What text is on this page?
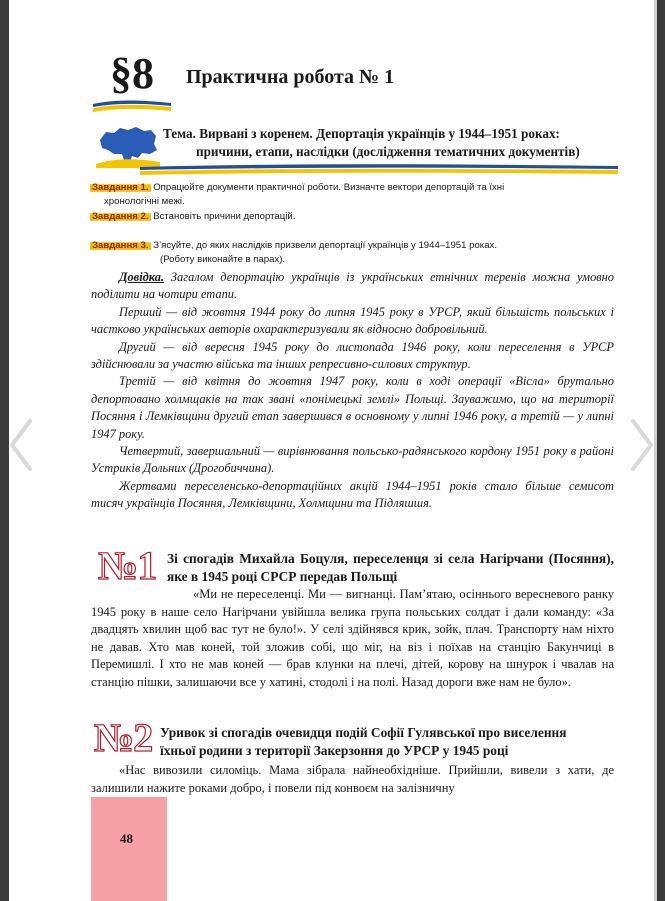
§8 Практична робота № 1
Тема. Вирвані з коренем. Депортація українців у 1944–1951 роках:
причини, етапи, наслідки (дослідження тематичних документів)
Завдання 1. Опрацюйте документи практичної роботи. Визначте вектори депортацій та їхні
хронологічні межі.
Завдання 2. Встановіть причини депортацій.
Завдання 3. З’ясуйте, до яких наслідків призвели депортації українців у 1944–1951 роках.
(Роботу виконайте в парах).

Довідка. Загалом депортацію українців із українських етнічних теренів можна умовно поділити на чотири етапи.

Перший — від жовтня 1944 року до липня 1945 року в УРСР, який більшість польських і частково українських авторів охарактеризували як відносно добровільний.

Другий — від вересня 1945 року до листопада 1946 року, коли переселення в УРСР здійснювали за участю війська та інших репресивно-силових структур.

Третій — від квітня до жовтня 1947 року, коли в ході операції «Вісла» брутально депортовано холмщаків на так звані «понімецькі землі» Польщі. Зауважимо, що на території Посяння і Лемківщини другий етап завершився в основному у липні 1946 року, а третій — у липні 1947 року.

Четвертий, завершальний — вирівнювання польсько-радянського кордону 1951 року в районі Устриків Дольних (Дрогобиччина).

Жертвами переселенсько-депортаційних акцій 1944–1951 років стало більше семисот тисяч українців Посяння, Лемківщини, Холмщини та Підляшшя.

№1 Зі спогадів Михайла Боцуля, переселенця зі села Нагірчани (Посяння), яке в 1945 році СРСР передав Польщі

«Ми не переселенці. Ми — вигнанці. Пам’ятаю, осіннього вересневого ранку 1945 року в наше село Нагірчани увійшла велика група польських солдат і дали команду: «За двадцять хвилин щоб вас тут не було!». У селі здійнявся крик, зойк, плач. Транспорту нам ніхто не давав. Хто мав коней, той зложив собі, що міг, на віз і поїхав на станцію Бакунчиці в Перемишлі. І хто не мав коней — брав клунки на плечі, дітей, корову на шнурок і чвалав на станцію пішки, залишаючи все у хатині, стодолі і на полі. Назад дороги вже нам не було».

№2 Уривок зі спогадів очевидця подій Софії Гулявської про виселення їхньої родини з території Закерзоння до УРСР у 1945 році

«Нас вивозили силоміць. Мама зібрала найнеобхідніше. Прийшли, вивели з хати, де залишили нажите роками добро, і повели під конвоєм на залізничну

48
